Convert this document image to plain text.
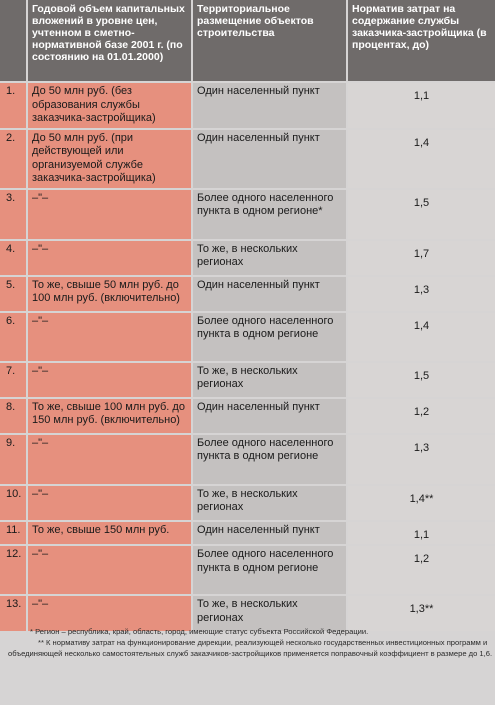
	Годовой объем капитальных вложений в уровне цен, учтенном в сметно-нормативной базе 2001 г. (по состоянию на 01.01.2000)	Территориальное размещение объектов строительства	Норматив затрат на содержание службы заказчика-застройщика (в процентах, до)
1.	До 50 млн руб. (без образования службы заказчика-застройщика)	Один населенный пункт	1,1
2.	До 50 млн руб. (при действующей или организуемой службе заказчика-застройщика)	Один населенный пункт	1,4
3.	–"–	Более одного населенного пункта в одном регионе*	1,5
4.	–"–	То же, в нескольких регионах	1,7
5.	То же, свыше 50 млн руб. до 100 млн руб. (включительно)	Один населенный пункт	1,3
6.	–"–	Более одного населенного пункта в одном регионе	1,4
7.	–"–	То же, в нескольких регионах	1,5
8.	То же, свыше 100 млн руб. до 150 млн руб. (включительно)	Один населенный пункт	1,2
9.	–"–	Более одного населенного пункта в одном регионе	1,3
10.	–"–	То же, в нескольких регионах	1,4**
11.	То же, свыше 150 млн руб.	Один населенный пункт	1,1
12.	–"–	Более одного населенного пункта в одном регионе	1,2
13.	–"–	То же, в нескольких регионах	1,3**

* Регион – республика, край, область, город, имеющие статус субъекта Российской Федерации.

** К нормативу затрат на функционирование дирекции, реализующей несколько государственных инвестиционных программ и объединяющей несколько самостоятельных служб заказчиков-застройщиков применяется поправочный коэффициент в размере до 1,6.
